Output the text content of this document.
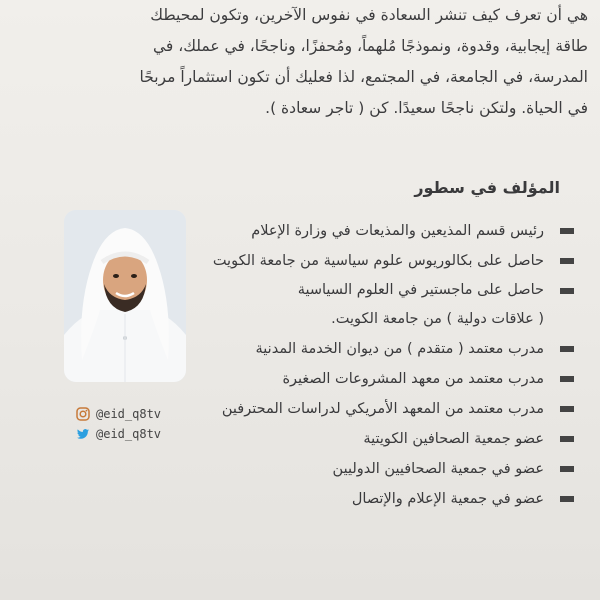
هي أن تعرف كيف تنشر السعادة في نفوس الآخرين، وتكون لمحيطك

طاقة إيجابية، وقدوة، ونموذجًا مُلهماً، ومُحفزًا، وناجحًا، في عملك، في

المدرسة، في الجامعة، في المجتمع، لذا فعليك أن تكون استثماراً مربحًا

في الحياة. ولتكن ناجحًا سعيدًا. كن ( تاجر سعادة ).

المؤلف في سطور
رئيس قسم المذيعين والمذيعات في وزارة الإعلام
حاصل على بكالوريوس علوم سياسية من جامعة الكويت
حاصل على ماجستير في العلوم السياسية
( علاقات دولية ) من جامعة الكويت.
مدرب معتمد ( متقدم ) من ديوان الخدمة المدنية
مدرب معتمد من معهد المشروعات الصغيرة
مدرب معتمد من المعهد الأمريكي لدراسات المحترفين
عضو جمعية الصحافين الكويتية
عضو في جمعية الصحافيين الدوليين
عضو في جمعية الإعلام والإتصال
@eid_q8tv
@eid_q8tv
